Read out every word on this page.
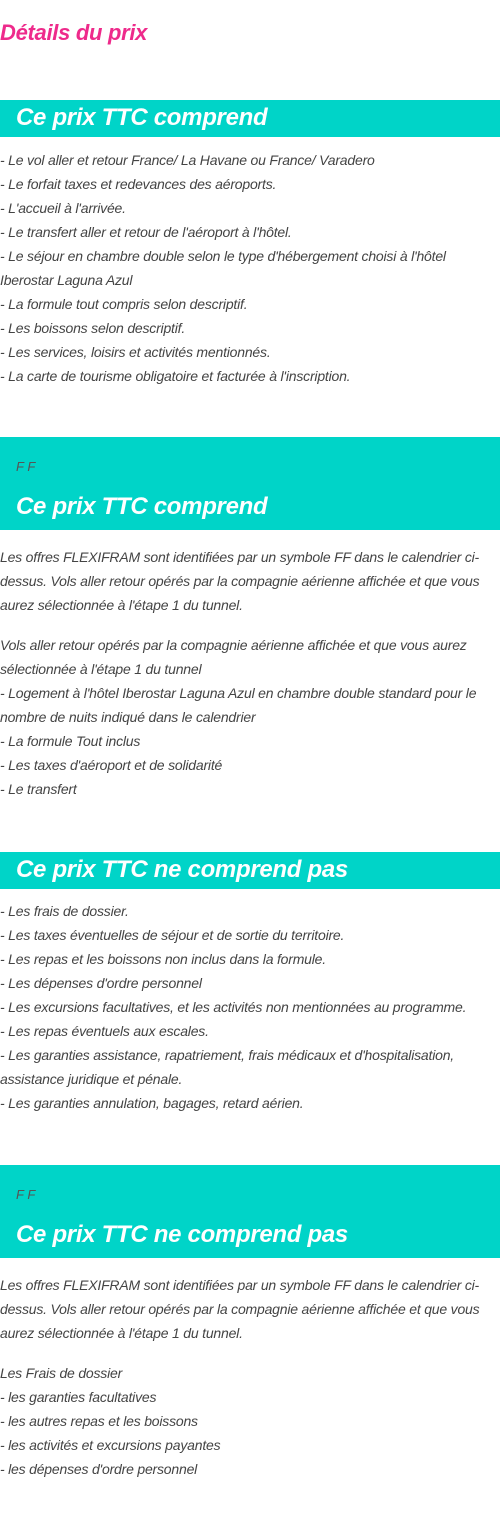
Détails du prix
Ce prix TTC comprend
- Le vol aller et retour France/ La Havane ou France/ Varadero
- Le forfait taxes et redevances des aéroports.
- L'accueil à l'arrivée.
- Le transfert aller et retour de l'aéroport à l'hôtel.
- Le séjour en chambre double selon le type d'hébergement choisi à l'hôtel
Iberostar Laguna Azul
- La formule tout compris selon descriptif.
- Les boissons selon descriptif.
- Les services, loisirs et activités mentionnés.
- La carte de tourisme obligatoire et facturée à l'inscription.
F F
Ce prix TTC comprend
Les offres FLEXIFRAM sont identifiées par un symbole FF dans le calendrier ci-
dessus. Vols aller retour opérés par la compagnie aérienne affichée et que vous
aurez sélectionnée à l'étape 1 du tunnel.
Vols aller retour opérés par la compagnie aérienne affichée et que vous aurez
sélectionnée à l'étape 1 du tunnel
- Logement à l'hôtel Iberostar Laguna Azul en chambre double standard pour le
nombre de nuits indiqué dans le calendrier
- La formule Tout inclus
- Les taxes d'aéroport et de solidarité
- Le transfert
Ce prix TTC ne comprend pas
- Les frais de dossier.
- Les taxes éventuelles de séjour et de sortie du territoire.
- Les repas et les boissons non inclus dans la formule.
- Les dépenses d'ordre personnel
- Les excursions facultatives, et les activités non mentionnées au programme.
- Les repas éventuels aux escales.
- Les garanties assistance, rapatriement, frais médicaux et d'hospitalisation,
assistance juridique et pénale.
- Les garanties annulation, bagages, retard aérien.
F F
Ce prix TTC ne comprend pas
Les offres FLEXIFRAM sont identifiées par un symbole FF dans le calendrier ci-
dessus. Vols aller retour opérés par la compagnie aérienne affichée et que vous
aurez sélectionnée à l'étape 1 du tunnel.
Les Frais de dossier
- les garanties facultatives
- les autres repas et les boissons
- les activités et excursions payantes
- les dépenses d'ordre personnel
